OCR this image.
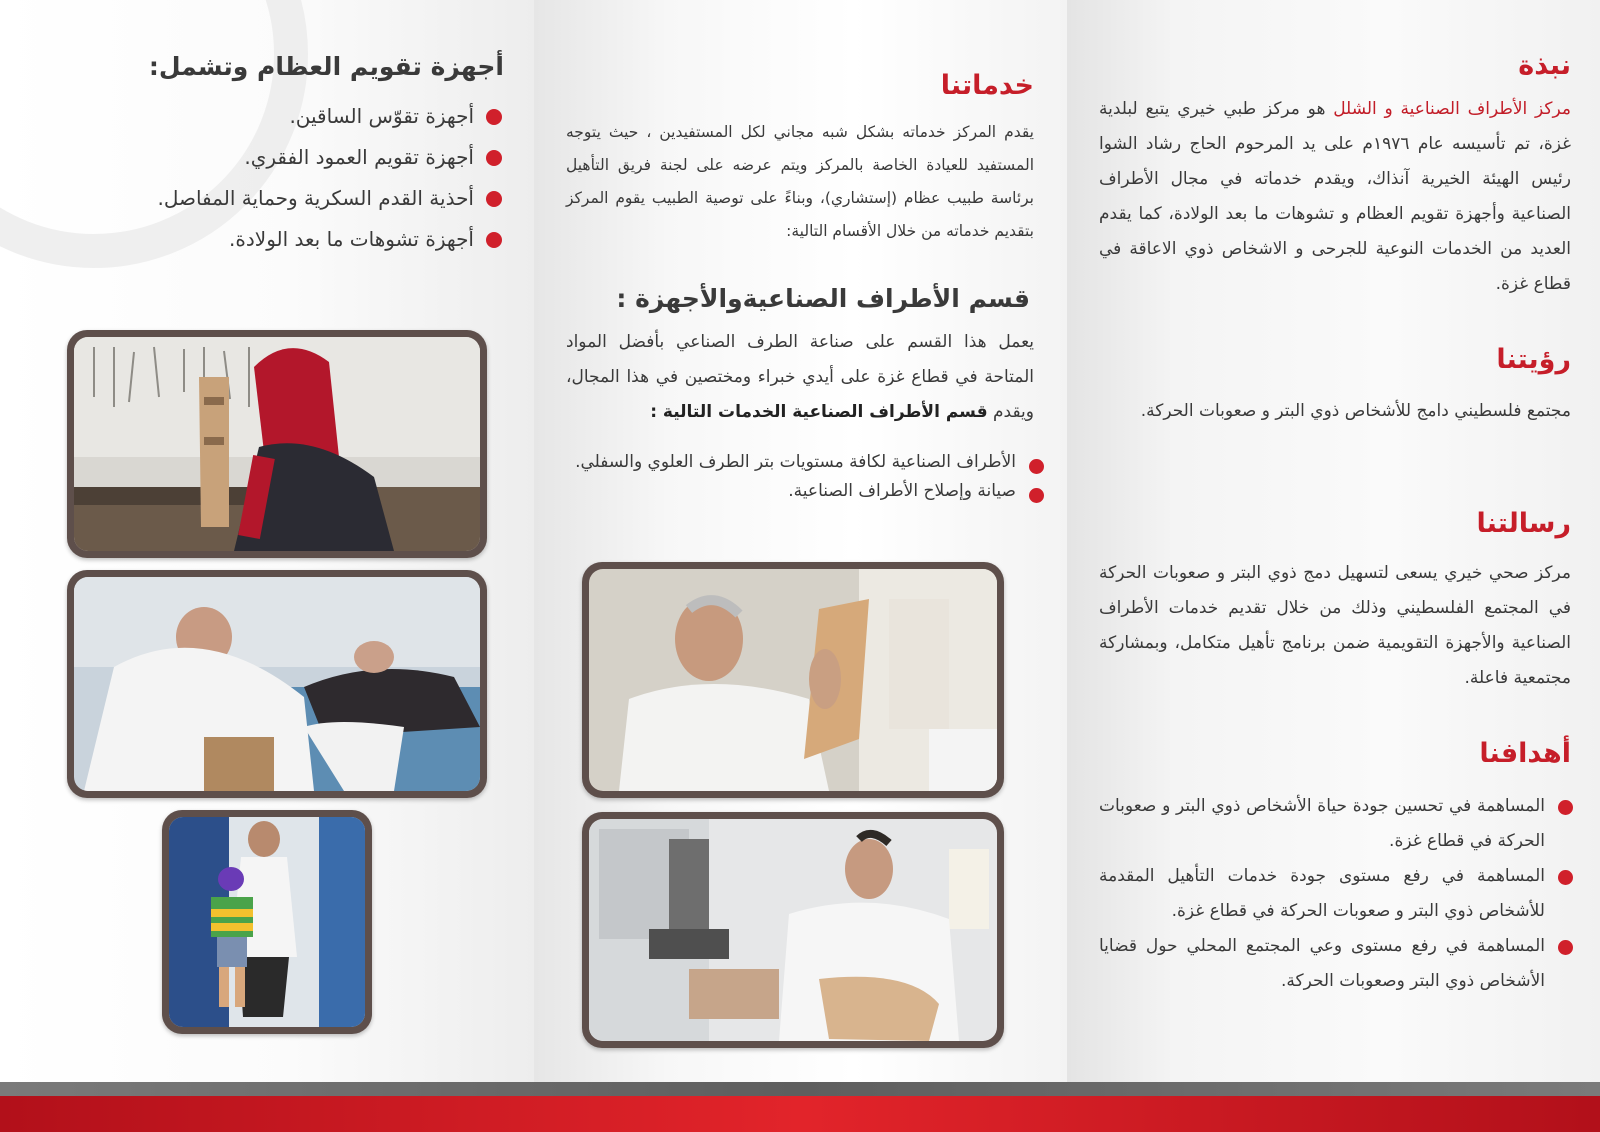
أجهزة تقويم العظام وتشمل:
أجهزة تقوّس الساقين.
أجهزة تقويم العمود الفقري.
أحذية القدم السكرية وحماية المفاصل.
أجهزة تشوهات ما بعد الولادة.
خدماتنا
يقدم المركز خدماته بشكل شبه مجاني لكل المستفيدين ، حيث يتوجه المستفيد للعيادة الخاصة بالمركز ويتم عرضه على لجنة فريق التأهيل برئاسة طبيب عظام (إستشاري)، وبناءً على توصية الطبيب يقوم المركز بتقديم خدماته من خلال الأقسام التالية:
قسم الأطراف الصناعيةوالأجهزة :
يعمل هذا القسم على صناعة الطرف الصناعي بأفضل المواد المتاحة في قطاع غزة على أيدي خبراء ومختصين في هذا المجال، ويقدم قسم الأطراف الصناعية الخدمات التالية :
الأطراف الصناعية لكافة مستويات بتر الطرف العلوي والسفلي.
صيانة وإصلاح الأطراف الصناعية.
نبذة
مركز الأطراف الصناعية و الشلل هو مركز طبي خيري يتبع لبلدية غزة، تم تأسيسه عام ١٩٧٦م على يد المرحوم الحاج رشاد الشوا رئيس الهيئة الخيرية آنذاك، ويقدم خدماته في مجال الأطراف الصناعية وأجهزة تقويم العظام و تشوهات ما بعد الولادة، كما يقدم العديد من الخدمات النوعية للجرحى و الاشخاص ذوي الاعاقة في قطاع غزة.
رؤيتنا
مجتمع فلسطيني دامج للأشخاص ذوي البتر و صعوبات الحركة.
رسالتنا
مركز صحي خيري يسعى لتسهيل دمج ذوي البتر و صعوبات الحركة في المجتمع الفلسطيني وذلك من خلال تقديم خدمات الأطراف الصناعية والأجهزة التقويمية ضمن برنامج تأهيل متكامل، وبمشاركة مجتمعية فاعلة.
أهدافنا
المساهمة في تحسين جودة حياة الأشخاص ذوي البتر و صعوبات الحركة في قطاع غزة.
المساهمة في رفع مستوى جودة خدمات التأهيل المقدمة للأشخاص ذوي البتر و صعوبات الحركة في قطاع غزة.
المساهمة في رفع مستوى وعي المجتمع المحلي حول قضايا الأشخاص ذوي البتر وصعوبات الحركة.
